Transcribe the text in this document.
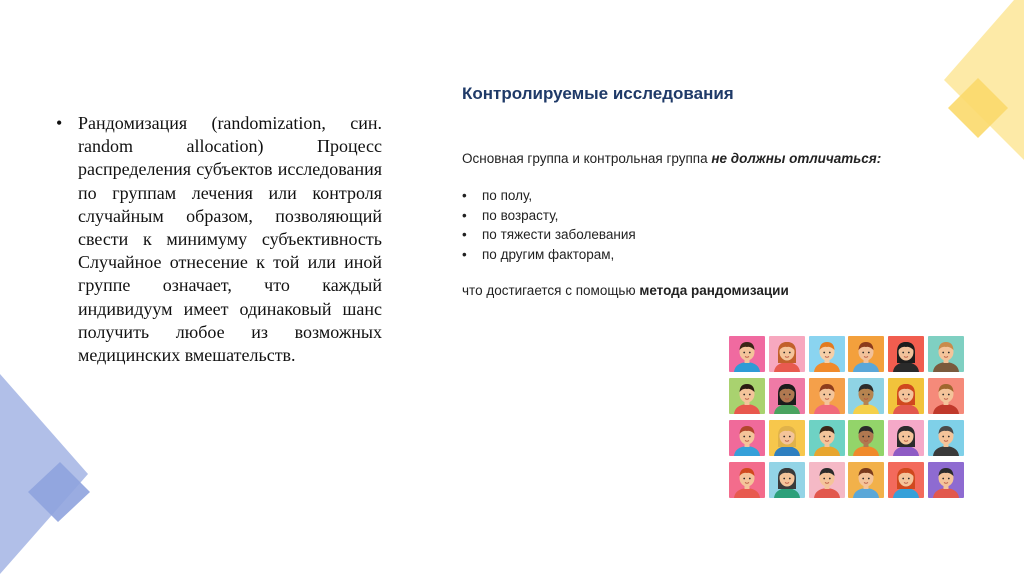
• Рандомизация (randomization, син. random allocation) Процесс распределения субъектов исследования по группам лечения или контроля случайным образом, позволяющий свести к минимуму субъективность Случайное отнесение к той или иной группе означает, что каждый индивидуум имеет одинаковый шанс получить любое из возможных медицинских вмешательств.

Контролируемые исследования
Основная группа и контрольная группа не должны отличаться:
• по полу,
• по возрасту,
• по тяжести заболевания
• по другим факторам,
что достигается с помощью метода рандомизации
